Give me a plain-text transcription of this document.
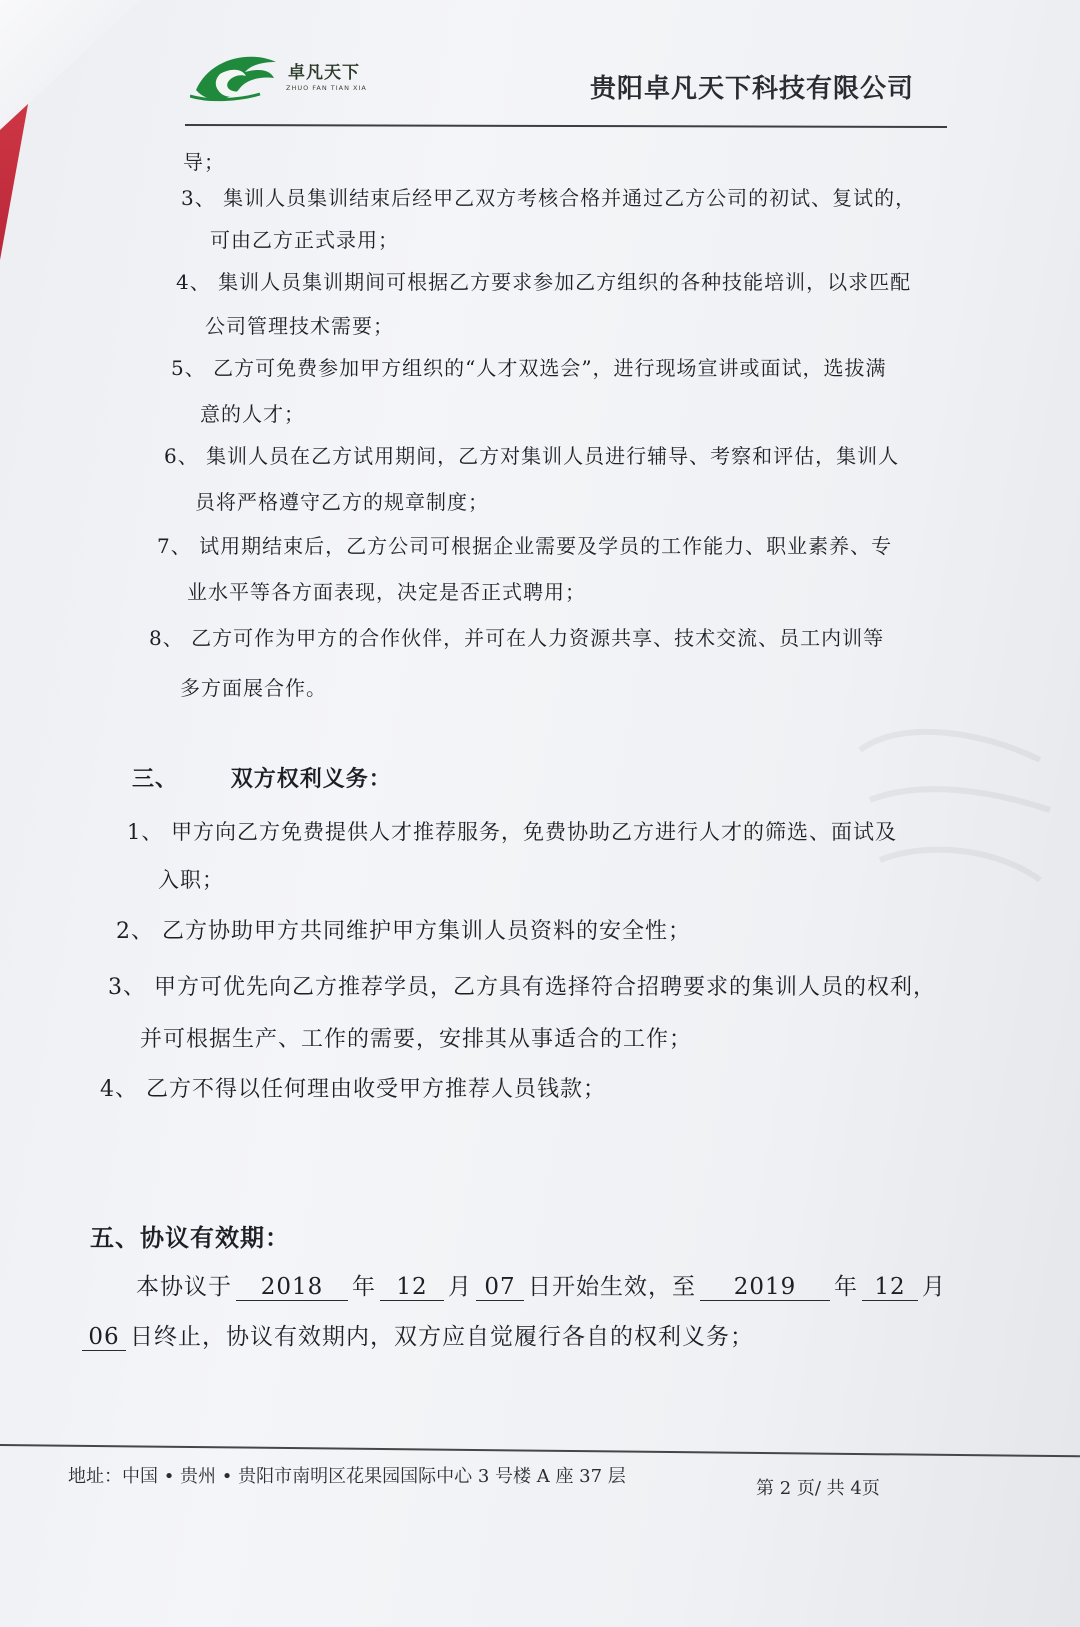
卓凡天下
ZHUO FAN TIAN XIA	贵阳卓凡天下科技有限公司
导；
3、 集训人员集训结束后经甲乙双方考核合格并通过乙方公司的初试、复试的，
可由乙方正式录用；
4、 集训人员集训期间可根据乙方要求参加乙方组织的各种技能培训，以求匹配
公司管理技术需要；
5、 乙方可免费参加甲方组织的“人才双选会”，进行现场宣讲或面试，选拔满
意的人才；
6、 集训人员在乙方试用期间，乙方对集训人员进行辅导、考察和评估，集训人
员将严格遵守乙方的规章制度；
7、 试用期结束后，乙方公司可根据企业需要及学员的工作能力、职业素养、专
业水平等各方面表现，决定是否正式聘用；
8、 乙方可作为甲方的合作伙伴，并可在人力资源共享、技术交流、员工内训等
多方面展合作。
三、 双方权利义务：
1、 甲方向乙方免费提供人才推荐服务，免费协助乙方进行人才的筛选、面试及
入职；
2、 乙方协助甲方共同维护甲方集训人员资料的安全性；
3、 甲方可优先向乙方推荐学员，乙方具有选择符合招聘要求的集训人员的权利，
并可根据生产、工作的需要，安排其从事适合的工作；
4、 乙方不得以任何理由收受甲方推荐人员钱款；
五、协议有效期：
本协议于 2018 年 12 月 07 日开始生效，至 2019 年 12 月
06 日终止，协议有效期内，双方应自觉履行各自的权利义务；
地址：中国 • 贵州 • 贵阳市南明区花果园国际中心 3 号楼 A 座 37 层
第 2 页/ 共 4页
